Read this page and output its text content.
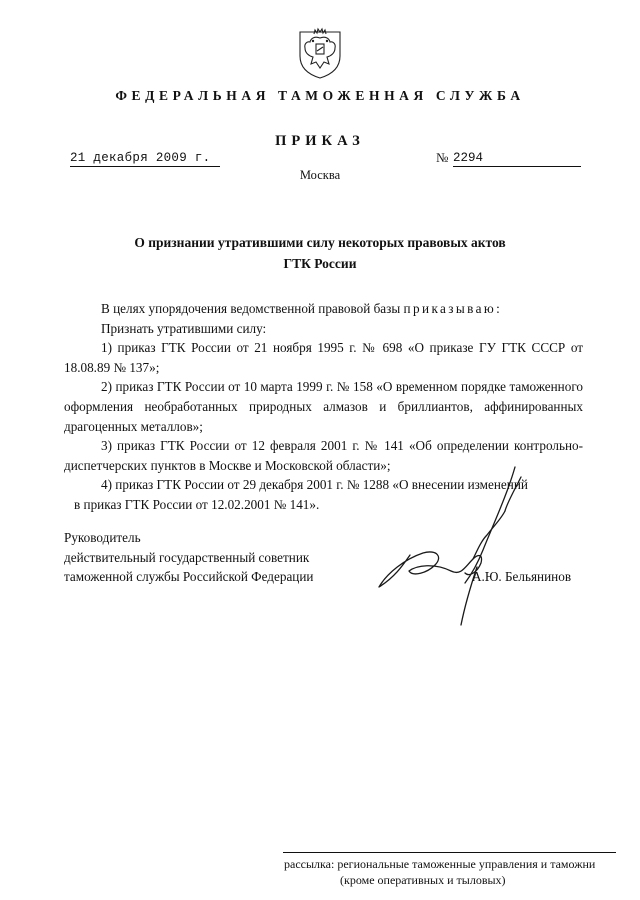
ФЕДЕРАЛЬНАЯ ТАМОЖЕННАЯ СЛУЖБА
ПРИКАЗ
21 декабря 2009 г.	№ 2294
Москва
О признании утратившими силу некоторых правовых актов
ГТК России

В целях упорядочения ведомственной правовой базы приказываю:

Признать утратившими силу:

1) приказ ГТК России от 21 ноября 1995 г. № 698 «О приказе ГУ ГТК СССР от 18.08.89 № 137»;

2) приказ ГТК России от 10 марта 1999 г. № 158 «О временном порядке таможенного оформления необработанных природных алмазов и бриллиантов, аффинированных драгоценных металлов»;

3) приказ ГТК России от 12 февраля 2001 г. № 141 «Об определении контрольно-диспетчерских пунктов в Москве и Московской области»;

4) приказ ГТК России от 29 декабря 2001 г. № 1288 «О внесении изменений

в приказ ГТК России от 12.02.2001 № 141».

Руководитель
действительный государственный советник
таможенной службы Российской Федерации	А.Ю. Бельянинов
рассылка: региональные таможенные управления и таможни
(кроме оперативных и тыловых)
